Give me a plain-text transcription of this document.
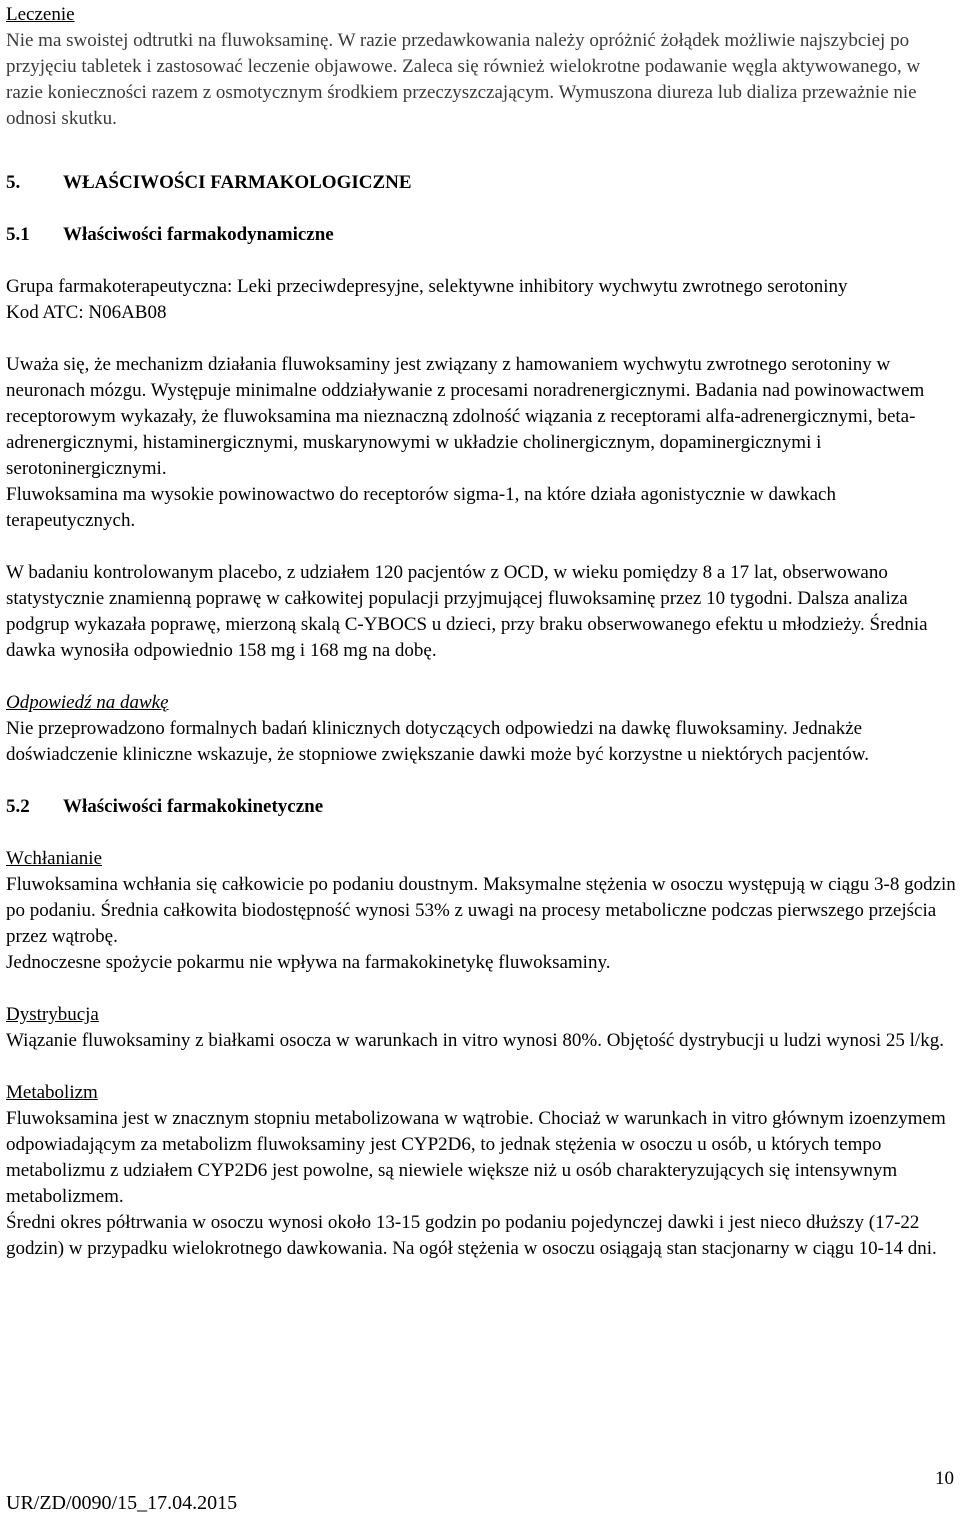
Leczenie

Nie ma swoistej odtrutki na fluwoksaminę. W razie przedawkowania należy opróżnić żołądek możliwie najszybciej po przyjęciu tabletek i zastosować leczenie objawowe. Zaleca się również wielokrotne podawanie węgla aktywowanego, w razie konieczności razem z osmotycznym środkiem przeczyszczającym. Wymuszona diureza lub dializa przeważnie nie odnosi skutku.

5.	WŁAŚCIWOŚCI FARMAKOLOGICZNE
5.1	Właściwości farmakodynamiczne

Grupa farmakoterapeutyczna: Leki przeciwdepresyjne, selektywne inhibitory wychwytu zwrotnego serotoniny

Kod ATC: N06AB08

Uważa się, że mechanizm działania fluwoksaminy jest związany z hamowaniem wychwytu zwrotnego serotoniny w neuronach mózgu. Występuje minimalne oddziaływanie z procesami noradrenergicznymi. Badania nad powinowactwem receptorowym wykazały, że fluwoksamina ma nieznaczną zdolność wiązania z receptorami alfa-adrenergicznymi, beta-adrenergicznymi, histaminergicznymi, muskarynowymi w układzie cholinergicznym, dopaminergicznymi i serotoninergicznymi.

Fluwoksamina ma wysokie powinowactwo do receptorów sigma-1, na które działa agonistycznie w dawkach terapeutycznych.

W badaniu kontrolowanym placebo, z udziałem 120 pacjentów z OCD, w wieku pomiędzy 8 a 17 lat, obserwowano statystycznie znamienną poprawę w całkowitej populacji przyjmującej fluwoksaminę przez 10 tygodni. Dalsza analiza podgrup wykazała poprawę, mierzoną skalą C-YBOCS u dzieci, przy braku obserwowanego efektu u młodzieży. Średnia dawka wynosiła odpowiednio 158 mg i 168 mg na dobę.

Odpowiedź na dawkę

Nie przeprowadzono formalnych badań klinicznych dotyczących odpowiedzi na dawkę fluwoksaminy. Jednakże doświadczenie kliniczne wskazuje, że stopniowe zwiększanie dawki może być korzystne u niektórych pacjentów.

5.2	Właściwości farmakokinetyczne

Wchłanianie

Fluwoksamina wchłania się całkowicie po podaniu doustnym. Maksymalne stężenia w osoczu występują w ciągu 3-8 godzin po podaniu. Średnia całkowita biodostępność wynosi 53% z uwagi na procesy metaboliczne podczas pierwszego przejścia przez wątrobę.

Jednoczesne spożycie pokarmu nie wpływa na farmakokinetykę fluwoksaminy.

Dystrybucja

Wiązanie fluwoksaminy z białkami osocza w warunkach in vitro wynosi 80%. Objętość dystrybucji u ludzi wynosi 25 l/kg.

Metabolizm

Fluwoksamina jest w znacznym stopniu metabolizowana w wątrobie. Chociaż w warunkach in vitro głównym izoenzymem odpowiadającym za metabolizm fluwoksaminy jest CYP2D6, to jednak stężenia w osoczu u osób, u których tempo metabolizmu z udziałem CYP2D6 jest powolne, są niewiele większe niż u osób charakteryzujących się intensywnym metabolizmem.

Średni okres półtrwania w osoczu wynosi około 13-15 godzin po podaniu pojedynczej dawki i jest nieco dłuższy (17-22 godzin) w przypadku wielokrotnego dawkowania. Na ogół stężenia w osoczu osiągają stan stacjonarny w ciągu 10-14 dni.

10
UR/ZD/0090/15_17.04.2015
